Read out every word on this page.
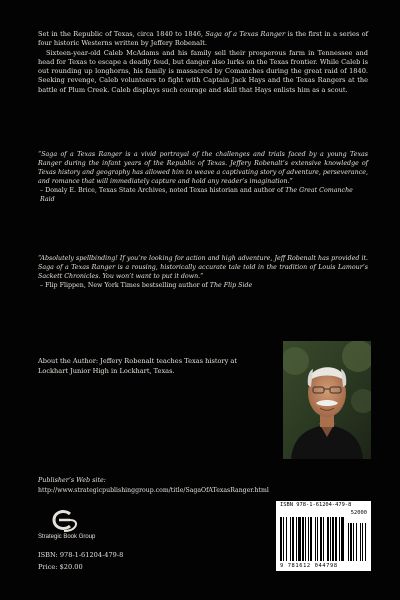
Set in the Republic of Texas, circa 1840 to 1846, Saga of a Texas Ranger is the first in a series of four historic Westerns written by Jeffery Robenalt.

Sixteen-year-old Caleb McAdams and his family sell their prosperous farm in Tennessee and head for Texas to escape a deadly feud, but danger also lurks on the Texas frontier. While Caleb is out rounding up longhorns, his family is massacred by Comanches during the great raid of 1840. Seeking revenge, Caleb volunteers to fight with Captain Jack Hays and the Texas Rangers at the battle of Plum Creek. Caleb displays such courage and skill that Hays enlists him as a scout.

“Saga of a Texas Ranger is a vivid portrayal of the challenges and trials faced by a young Texas Ranger during the infant years of the Republic of Texas. Jeffery Robenalt’s extensive knowledge of Texas history and geography has allowed him to weave a captivating story of adventure, perseverance, and romance that will immediately capture and hold any reader’s imagination.”
– Donaly E. Brice, Texas State Archives, noted Texas historian and author of The Great Comanche Raid
“Absolutely spellbinding! If you’re looking for action and high adventure, Jeff Robenalt has provided it. Saga of a Texas Ranger is a rousing, historically accurate tale told in the tradition of Louis Lamour’s Sackett Chronicles. You won’t want to put it down.”
– Flip Flippen, New York Times bestselling author of The Flip Side
About the Author: Jeffery Robenalt teaches Texas history at Lockhart Junior High in Lockhart, Texas.
Publisher’s Web site:
http://www.strategicpublishinggroup.com/title/SagaOfATexasRanger.html
Strategic Book Group
ISBN: 978-1-61204-479-8
Price: $20.00
ISBN 978-1-61204-479-8
52000
9 781612 044798
